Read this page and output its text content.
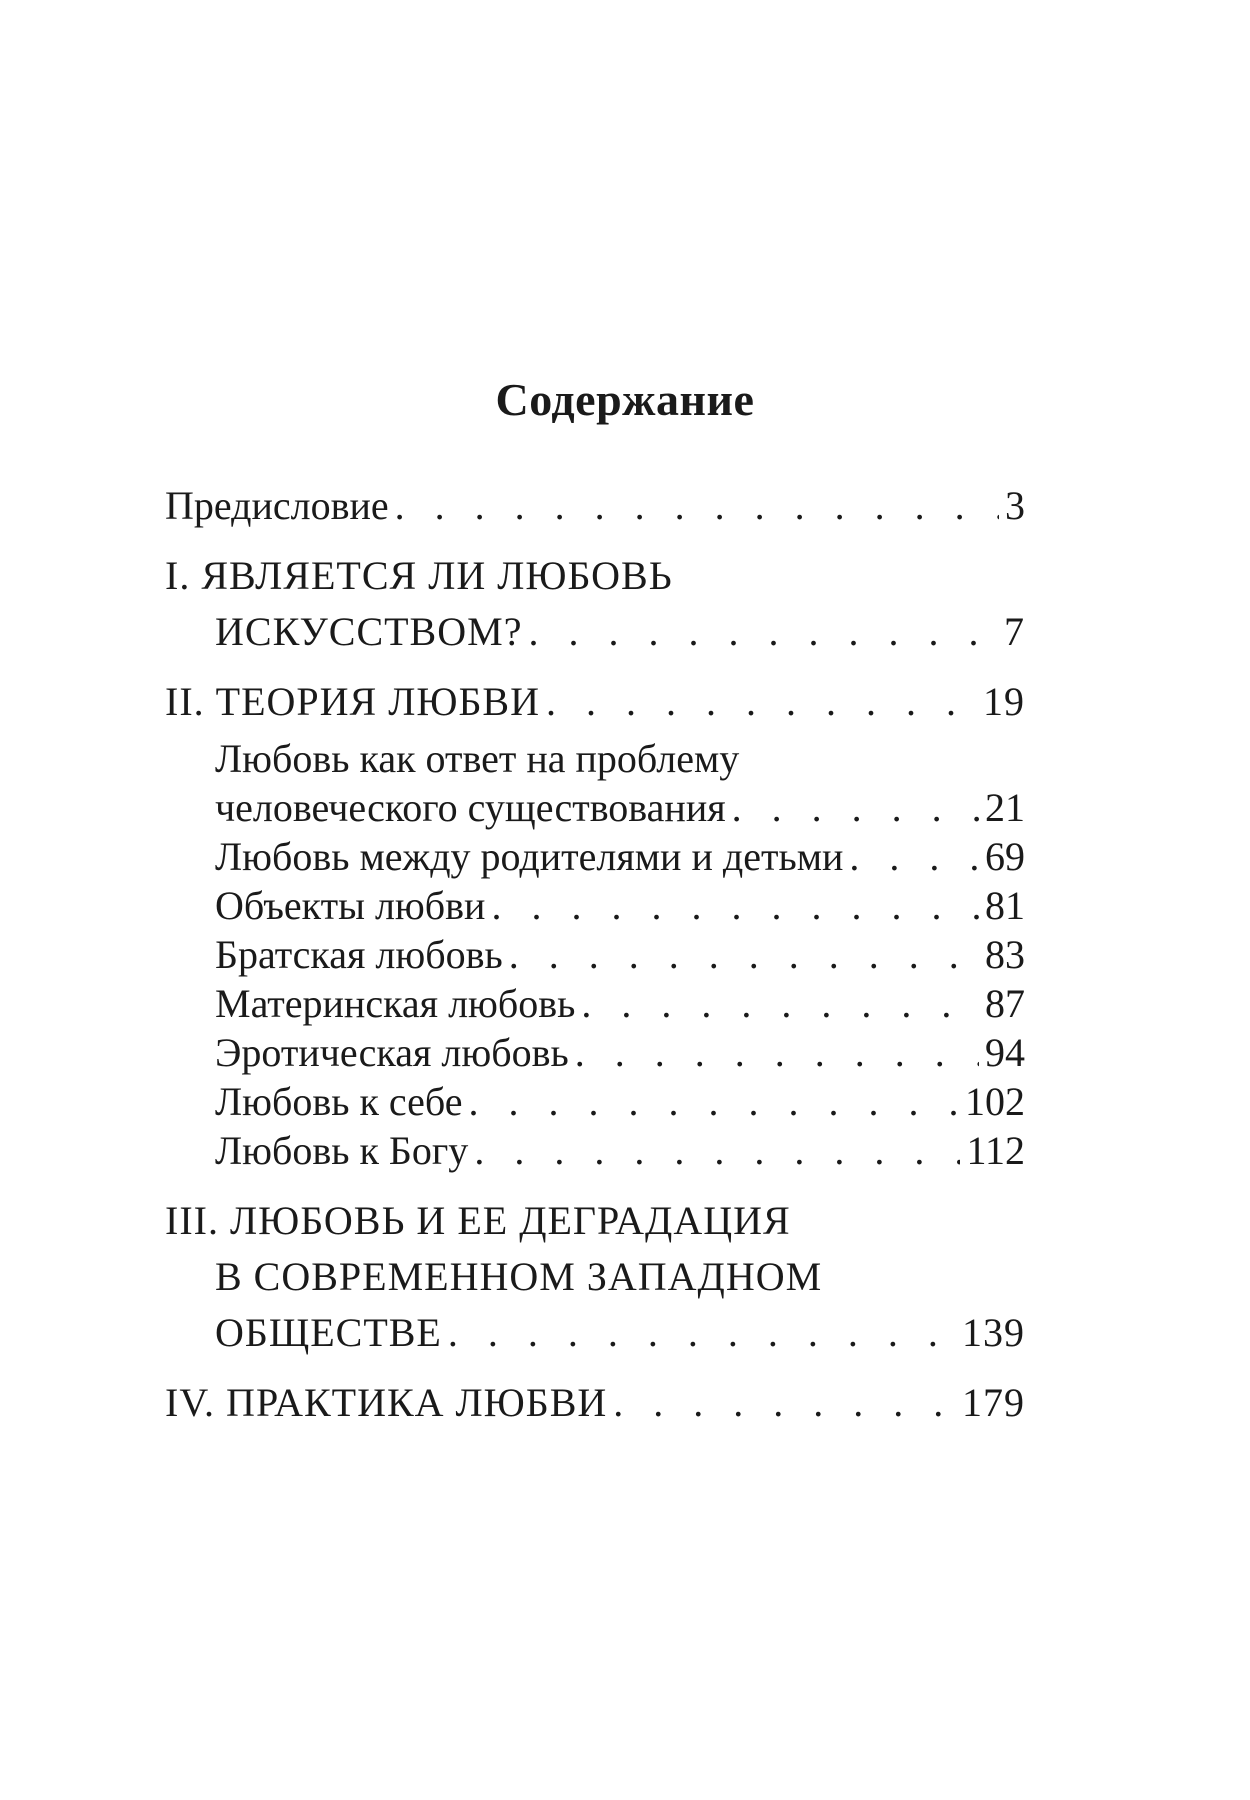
Содержание
Предисловие . . .	3
I. ЯВЛЯЕТСЯ ЛИ ЛЮБОВЬ
ИСКУССТВОМ? . . .	7
II. ТЕОРИЯ ЛЮБВИ . . .	19
Любовь как ответ на проблему
человеческого существования . . .	21
Любовь между родителями и детьми . . .	69
Объекты любви . . .	81
Братская любовь . . .	83
Материнская любовь . . .	87
Эротическая любовь . . .	94
Любовь к себе . . .	102
Любовь к Богу . . .	112
III. ЛЮБОВЬ И ЕЕ ДЕГРАДАЦИЯ
В СОВРЕМЕННОМ ЗАПАДНОМ
ОБЩЕСТВЕ . . .	139
IV. ПРАКТИКА ЛЮБВИ . . .	179
